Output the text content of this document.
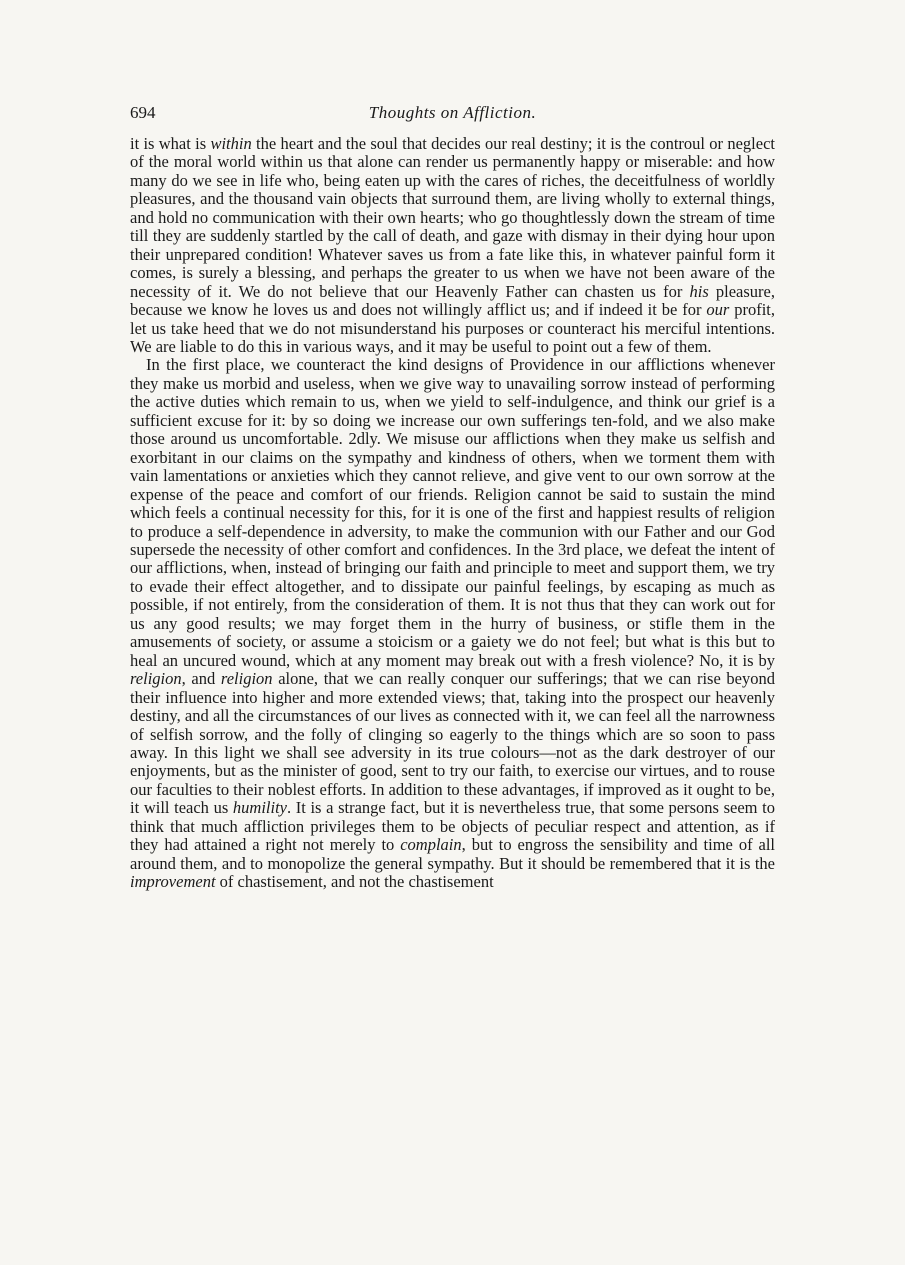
694	Thoughts on Affliction.

it is what is within the heart and the soul that decides our real destiny; it is the controul or neglect of the moral world within us that alone can render us permanently happy or miserable: and how many do we see in life who, being eaten up with the cares of riches, the deceitfulness of worldly pleasures, and the thousand vain objects that surround them, are living wholly to external things, and hold no communication with their own hearts; who go thoughtlessly down the stream of time till they are suddenly startled by the call of death, and gaze with dismay in their dying hour upon their unprepared condition! Whatever saves us from a fate like this, in whatever painful form it comes, is surely a blessing, and perhaps the greater to us when we have not been aware of the necessity of it. We do not believe that our Heavenly Father can chasten us for his pleasure, because we know he loves us and does not willingly afflict us; and if indeed it be for our profit, let us take heed that we do not misunderstand his purposes or counteract his merciful intentions. We are liable to do this in various ways, and it may be useful to point out a few of them.

In the first place, we counteract the kind designs of Providence in our afflictions whenever they make us morbid and useless, when we give way to unavailing sorrow instead of performing the active duties which remain to us, when we yield to self-indulgence, and think our grief is a sufficient excuse for it: by so doing we increase our own sufferings ten-fold, and we also make those around us uncomfortable. 2dly. We misuse our afflictions when they make us selfish and exorbitant in our claims on the sympathy and kindness of others, when we torment them with vain lamentations or anxieties which they cannot relieve, and give vent to our own sorrow at the expense of the peace and comfort of our friends. Religion cannot be said to sustain the mind which feels a continual necessity for this, for it is one of the first and happiest results of religion to produce a self-dependence in adversity, to make the communion with our Father and our God supersede the necessity of other comfort and confidences. In the 3rd place, we defeat the intent of our afflictions, when, instead of bringing our faith and principle to meet and support them, we try to evade their effect altogether, and to dissipate our painful feelings, by escaping as much as possible, if not entirely, from the consideration of them. It is not thus that they can work out for us any good results; we may forget them in the hurry of business, or stifle them in the amusements of society, or assume a stoicism or a gaiety we do not feel; but what is this but to heal an uncured wound, which at any moment may break out with a fresh violence? No, it is by religion, and religion alone, that we can really conquer our sufferings; that we can rise beyond their influence into higher and more extended views; that, taking into the prospect our heavenly destiny, and all the circumstances of our lives as connected with it, we can feel all the narrowness of selfish sorrow, and the folly of clinging so eagerly to the things which are so soon to pass away. In this light we shall see adversity in its true colours—not as the dark destroyer of our enjoyments, but as the minister of good, sent to try our faith, to exercise our virtues, and to rouse our faculties to their noblest efforts. In addition to these advantages, if improved as it ought to be, it will teach us humility. It is a strange fact, but it is nevertheless true, that some persons seem to think that much affliction privileges them to be objects of peculiar respect and attention, as if they had attained a right not merely to complain, but to engross the sensibility and time of all around them, and to monopolize the general sympathy. But it should be remembered that it is the improvement of chastisement, and not the chastisement
